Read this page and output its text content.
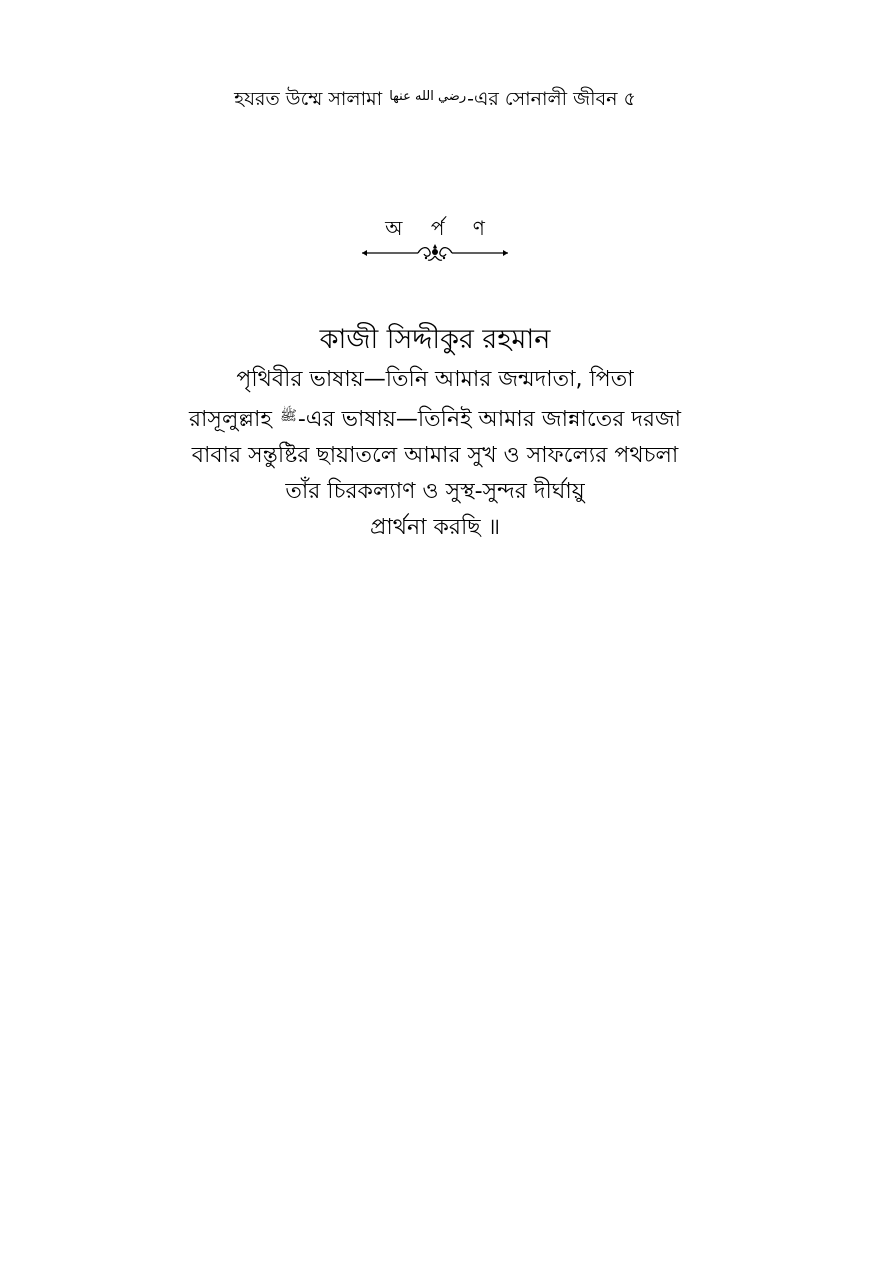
হযরত উম্মে সালামা رضي الله عنها-এর সোনালী জীবন ৫
অ র্প ণ
কাজী সিদ্দীকুর রহমান
পৃথিবীর ভাষায়—তিনি আমার জন্মদাতা, পিতা
রাসূলুল্লাহ ﷺ-এর ভাষায়—তিনিই আমার জান্নাতের দরজা
বাবার সন্তুষ্টির ছায়াতলে আমার সুখ ও সাফল্যের পথচলা
তাঁর চিরকল্যাণ ও সুস্থ-সুন্দর দীর্ঘায়ু
প্রার্থনা করছি ॥
